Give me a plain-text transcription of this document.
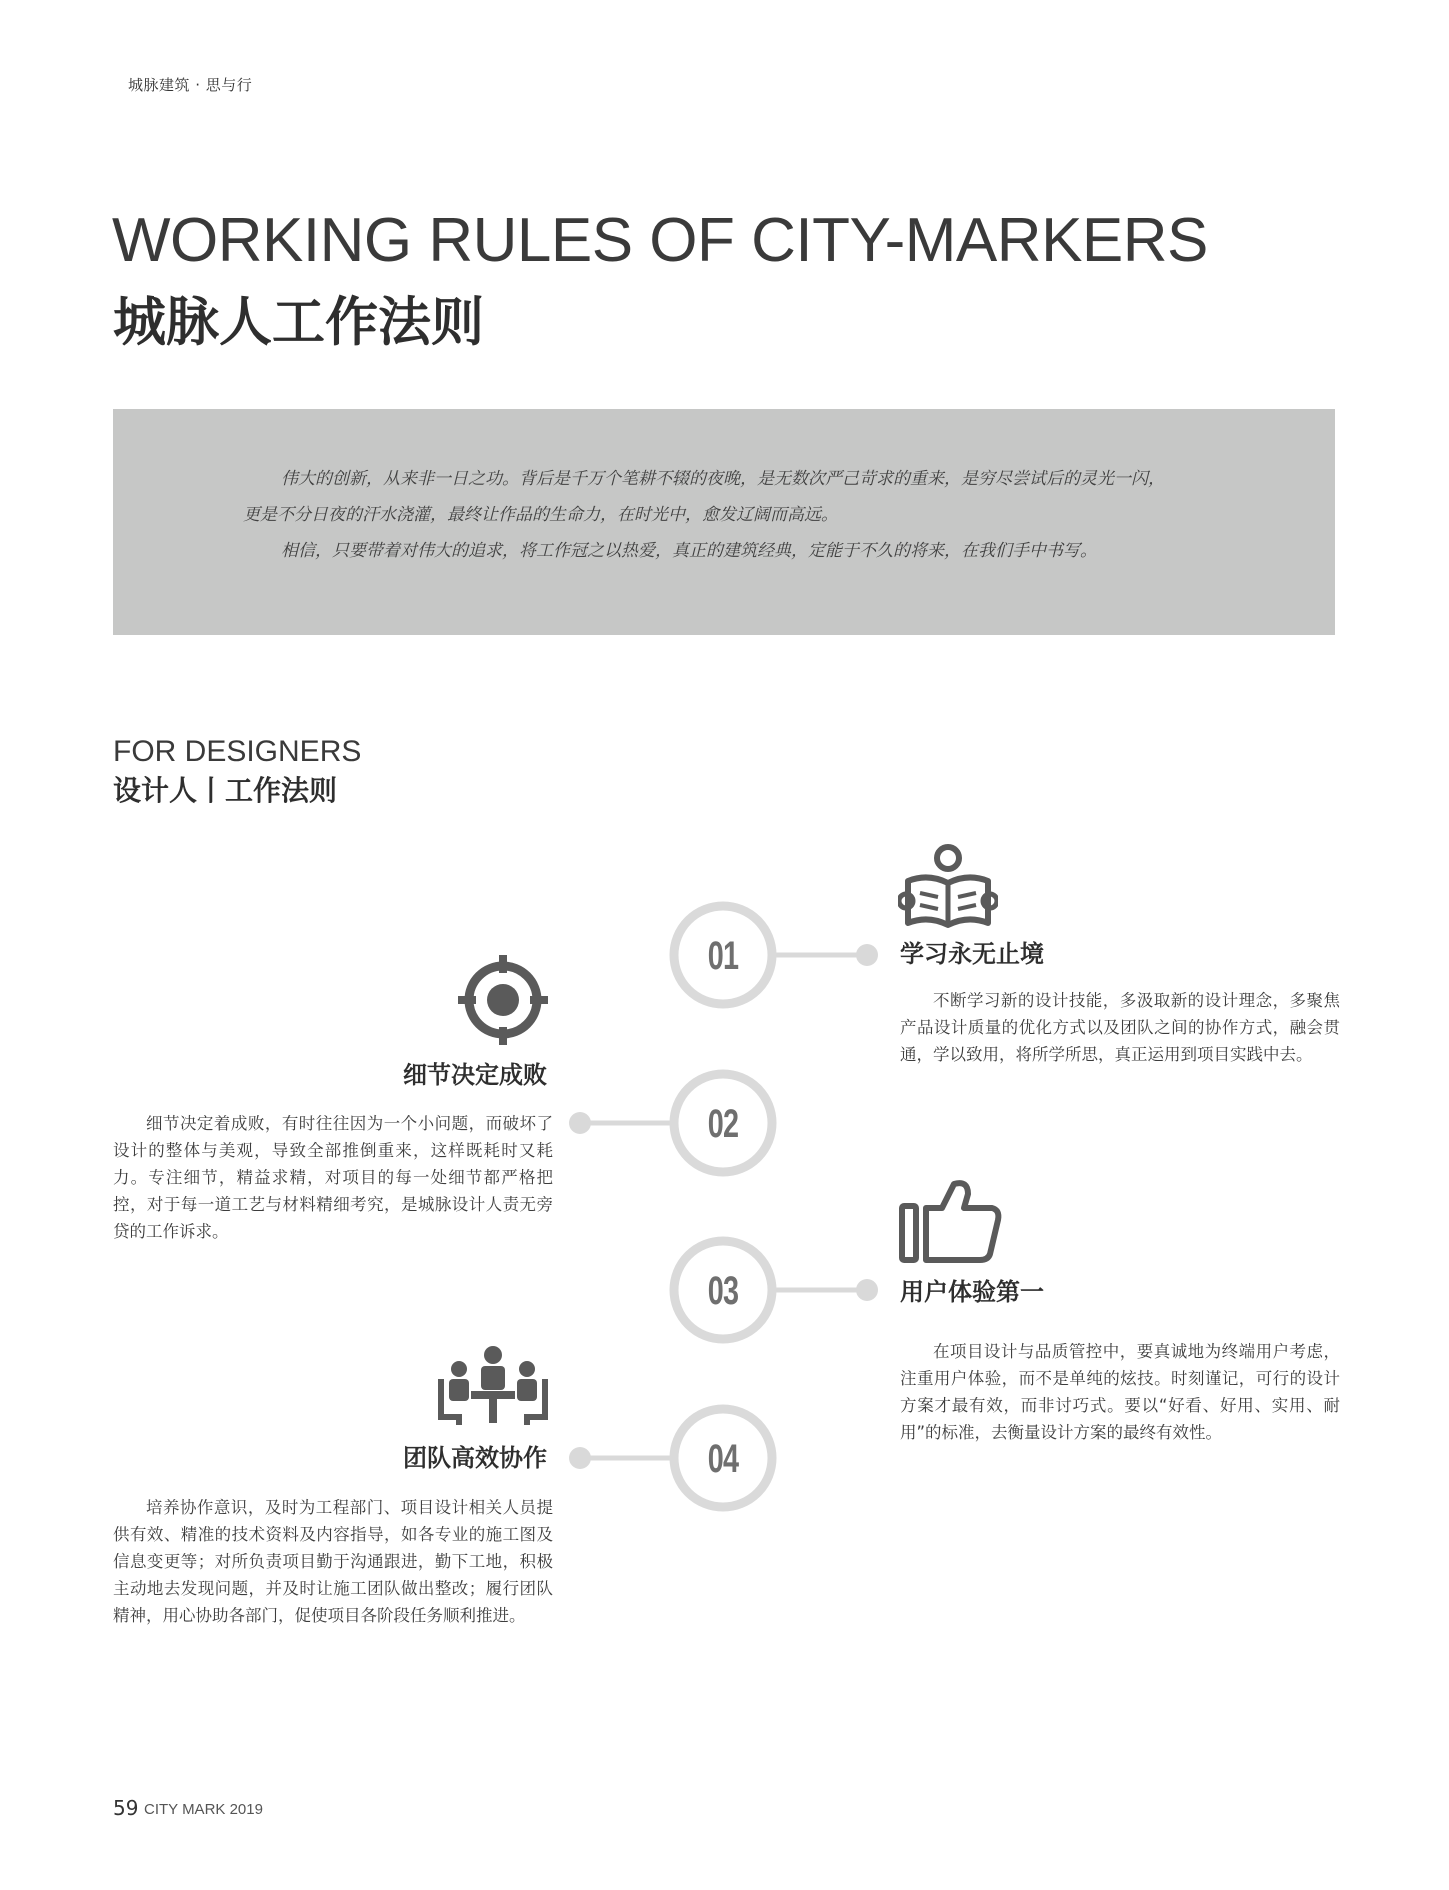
城脉建筑 · 思与行
WORKING RULES OF CITY-MARKERS
城脉人工作法则
伟大的创新，从来非一日之功。背后是千万个笔耕不辍的夜晚，是无数次严己苛求的重来，是穷尽尝试后的灵光一闪，
更是不分日夜的汗水浇灌，最终让作品的生命力，在时光中，愈发辽阔而高远。
相信，只要带着对伟大的追求，将工作冠之以热爱，真正的建筑经典，定能于不久的将来，在我们手中书写。
FOR DESIGNERS
设计人丨工作法则
01
02
03
04
学习永无止境
不断学习新的设计技能，多汲取新的设计理念，多聚焦产品设计质量的优化方式以及团队之间的协作方式，融会贯通，学以致用，将所学所思，真正运用到项目实践中去。
细节决定成败
细节决定着成败，有时往往因为一个小问题，而破坏了设计的整体与美观，导致全部推倒重来，这样既耗时又耗力。专注细节，精益求精，对项目的每一处细节都严格把控，对于每一道工艺与材料精细考究，是城脉设计人责无旁贷的工作诉求。
用户体验第一
在项目设计与品质管控中，要真诚地为终端用户考虑，注重用户体验，而不是单纯的炫技。时刻谨记，可行的设计方案才最有效，而非讨巧式。要以“好看、好用、实用、耐用”的标准，去衡量设计方案的最终有效性。
团队高效协作
培养协作意识，及时为工程部门、项目设计相关人员提供有效、精准的技术资料及内容指导，如各专业的施工图及信息变更等；对所负责项目勤于沟通跟进，勤下工地，积极主动地去发现问题，并及时让施工团队做出整改；履行团队精神，用心协助各部门，促使项目各阶段任务顺利推进。
59 CITY MARK 2019
